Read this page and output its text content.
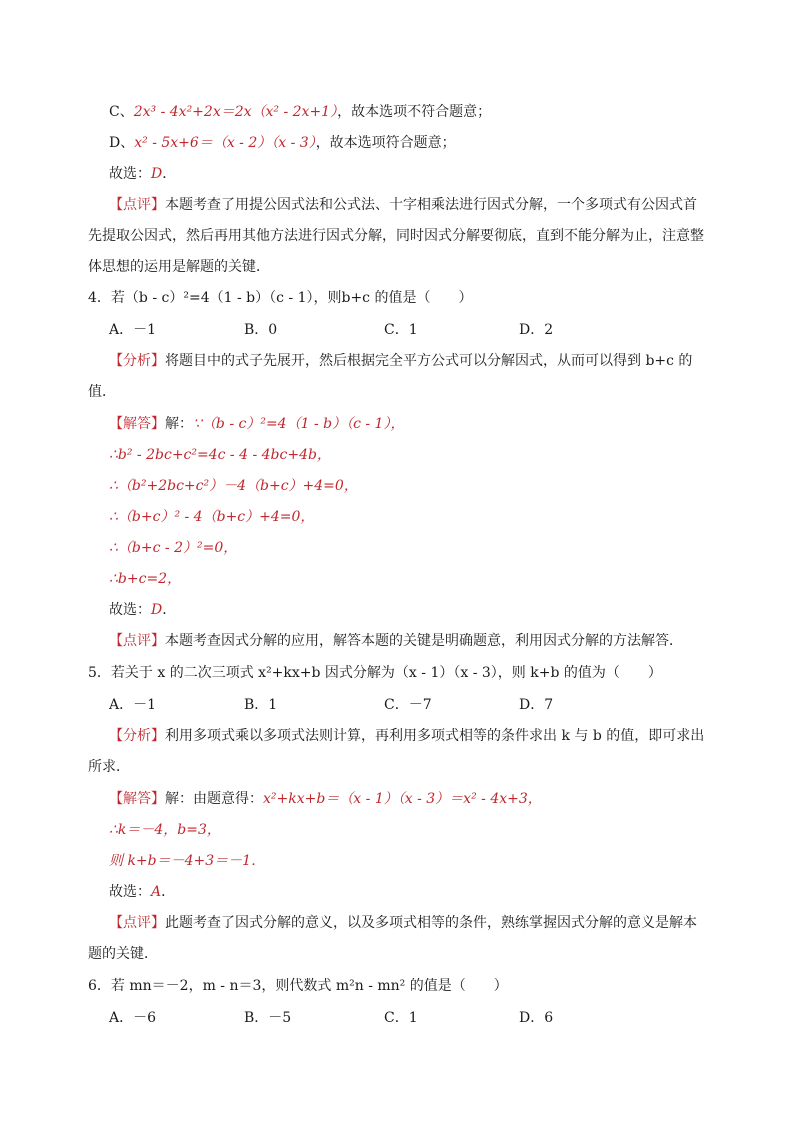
C、2x³ - 4x²+2x＝2x（x² - 2x+1），故本选项不符合题意；
D、x² - 5x+6＝（x - 2）（x - 3），故本选项符合题意；
故选：D．
【点评】本题考查了用提公因式法和公式法、十字相乘法进行因式分解，一个多项式有公因式首先提取公因式，然后再用其他方法进行因式分解，同时因式分解要彻底，直到不能分解为止，注意整体思想的运用是解题的关键．
4．若（b - c）²=4（1 - b）（c - 1），则b+c 的值是（　　）
A．－1	B．0	C．1	D．2
【分析】将题目中的式子先展开，然后根据完全平方公式可以分解因式，从而可以得到 b+c 的值．
【解答】解：∵（b - c）²=4（1 - b）（c - 1），
∴b² - 2bc+c²=4c - 4 - 4bc+4b，
∴（b²+2bc+c²）－4（b+c）+4=0，
∴（b+c）² - 4（b+c）+4=0，
∴（b+c - 2）²=0，
∴b+c=2，
故选：D．
【点评】本题考查因式分解的应用，解答本题的关键是明确题意，利用因式分解的方法解答．
5．若关于 x 的二次三项式 x²+kx+b 因式分解为（x - 1）（x - 3），则 k+b 的值为（　　）
A．－1	B．1	C．－7	D．7
【分析】利用多项式乘以多项式法则计算，再利用多项式相等的条件求出 k 与 b 的值，即可求出所求．
【解答】解：由题意得：x²+kx+b＝（x - 1）（x - 3）＝x² - 4x+3，
∴k＝－4，b=3，
则 k+b＝－4+3＝－1．
故选：A．
【点评】此题考查了因式分解的意义，以及多项式相等的条件，熟练掌握因式分解的意义是解本题的关键．
6．若 mn＝－2，m - n＝3，则代数式 m²n - mn² 的值是（　　）
A．－6	B．－5	C．1	D．6
